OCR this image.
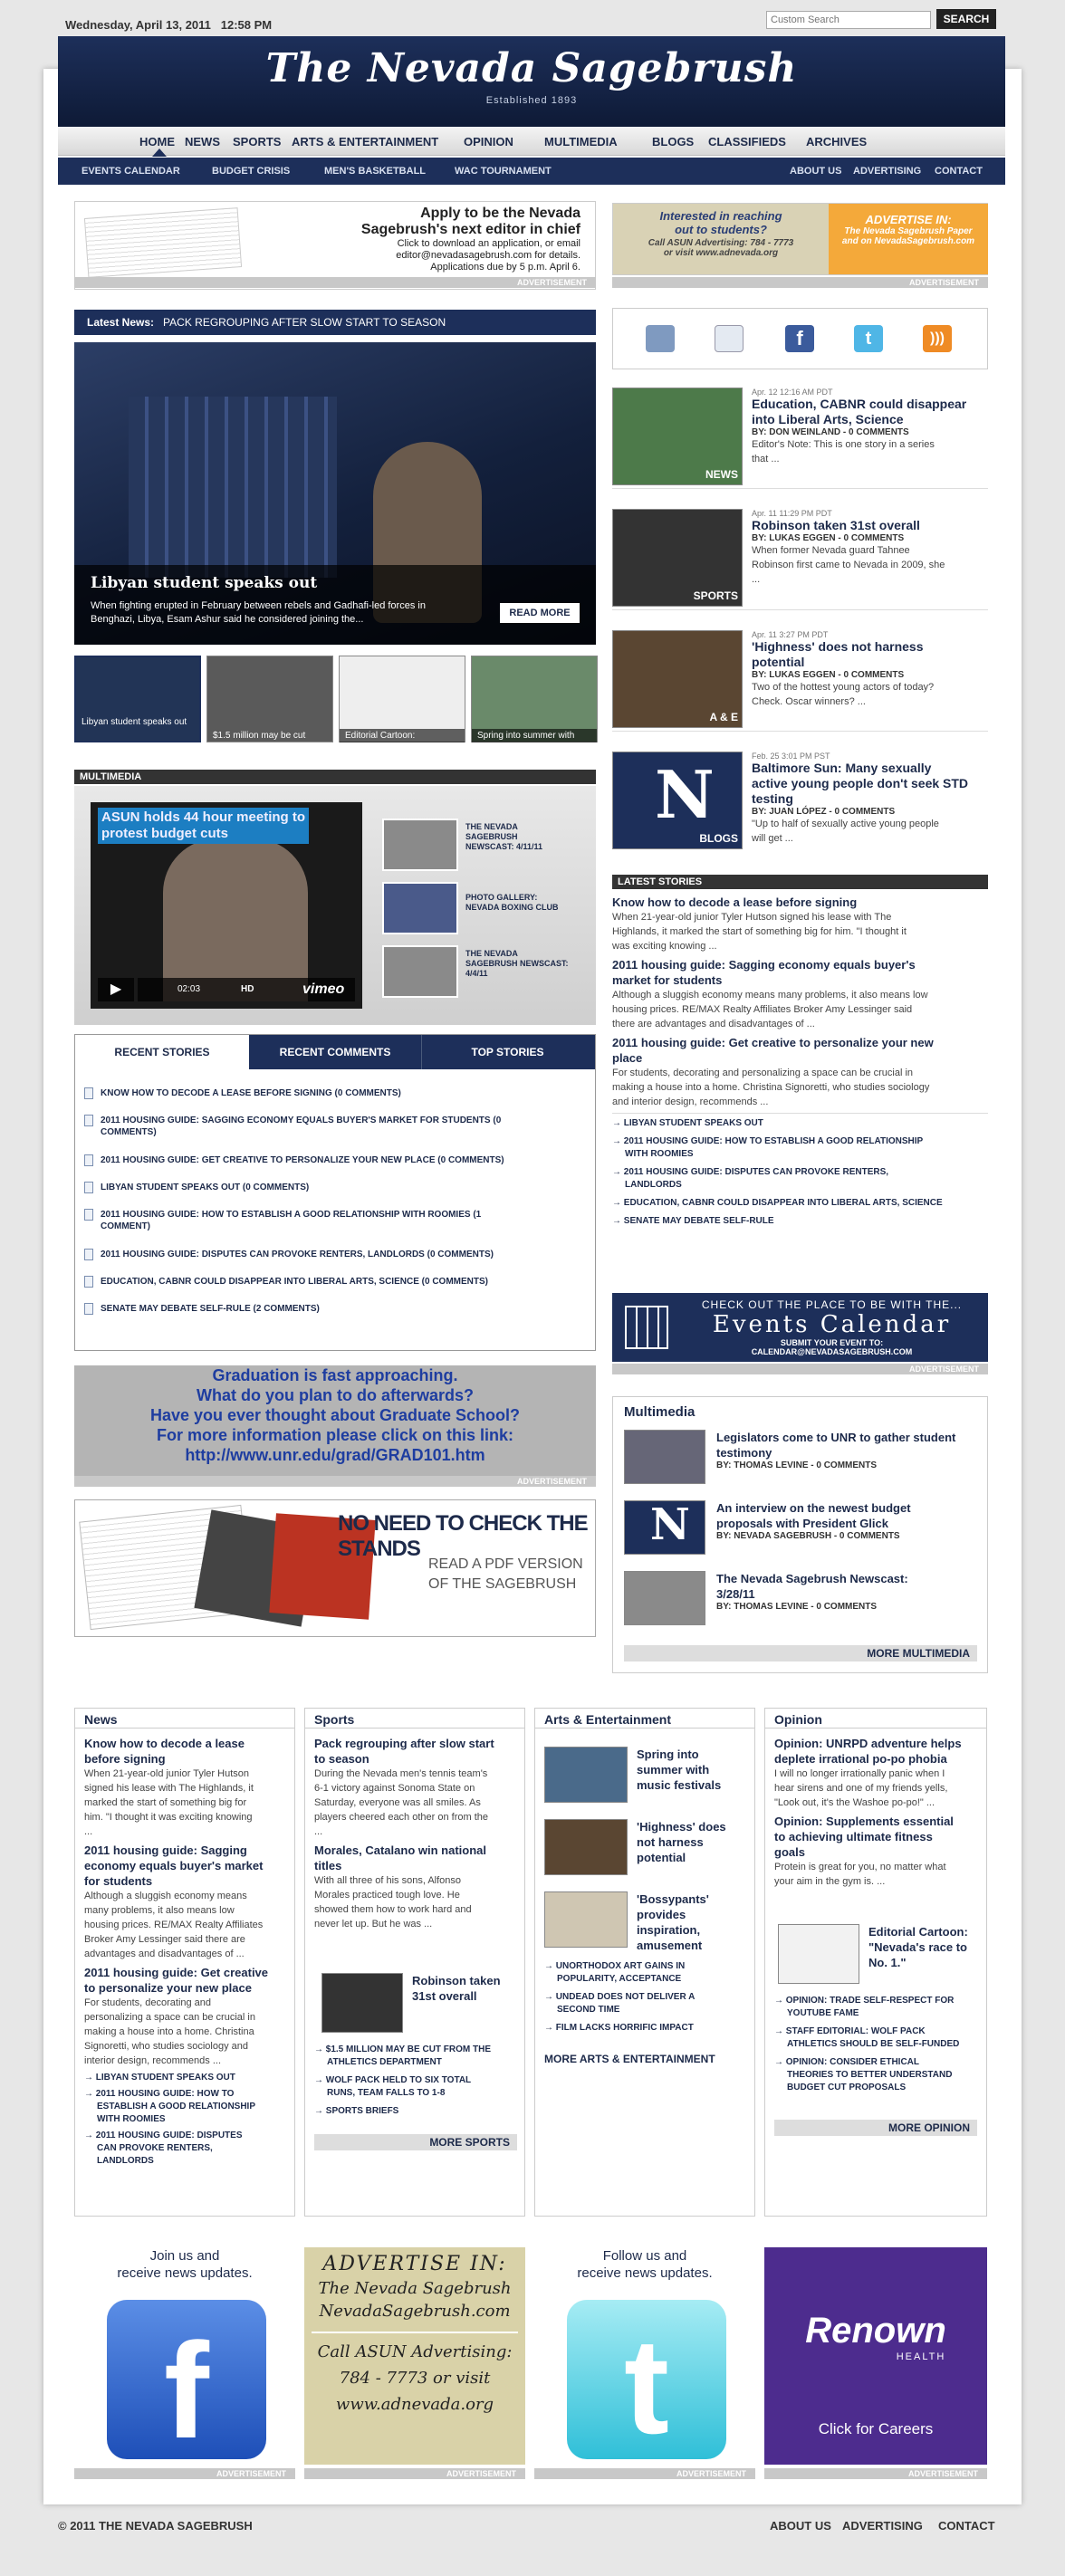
Wednesday, April 13, 2011 12:58 PM
Custom Search	SEARCH
The Nevada Sagebrush
Established 1893
HOME NEWS SPORTS ARTS & ENTERTAINMENT OPINION	MULTIMEDIA	BLOGS CLASSIFIEDS ARCHIVES
EVENTS CALENDAR	BUDGET CRISIS	MEN'S BASKETBALL	WAC TOURNAMENT	ABOUT US ADVERTISING CONTACT
Apply to be the Nevada
Sagebrush's next editor in chief
Click to download an application, or email
editor@nevadasagebrush.com for details.
Applications due by 5 p.m. April 6.
ADVERTISEMENT
Interested in reaching
out to students?
Call ASUN Advertising: 784 - 7773
or visit www.adnevada.org
ADVERTISE IN:
The Nevada Sagebrush Paper
and on NevadaSagebrush.com
ADVERTISEMENT
Latest News: PACK REGROUPING AFTER SLOW START TO SEASON
Libyan student speaks out
When fighting erupted in February between rebels and Gadhafi-led forces in
Benghazi, Libya, Esam Ashur said he considered joining the...
READ MORE
Libyan student speaks out
$1.5 million may be cut	Editorial Cartoon:	Spring into summer with
f	t	)))
NEWS
Apr. 12 12:16 AM PDT
Education, CABNR could disappear
into Liberal Arts, Science
BY: DON WEINLAND - 0 COMMENTS
Editor's Note: This is one story in a series
that ...
SPORTS
Apr. 11 11:29 PM PDT
Robinson taken 31st overall
BY: LUKAS EGGEN - 0 COMMENTS
When former Nevada guard Tahnee
Robinson first came to Nevada in 2009, she
...
A & E
Apr. 11 3:27 PM PDT
'Highness' does not harness
potential
BY: LUKAS EGGEN - 0 COMMENTS
Two of the hottest young actors of today?
Check. Oscar winners? ...
N
BLOGS
Feb. 25 3:01 PM PST
Baltimore Sun: Many sexually
active young people don't seek STD
testing
BY: JUAN LÓPEZ - 0 COMMENTS
"Up to half of sexually active young people
will get ...
MULTIMEDIA
ASUN holds 44 hour meeting to
protest budget cuts
▶	02:03	HD	vimeo
THE NEVADA
SAGEBRUSH
NEWSCAST: 4/11/11
PHOTO GALLERY:
NEVADA BOXING CLUB
THE NEVADA
SAGEBRUSH NEWSCAST:
4/4/11
RECENT STORIES	RECENT COMMENTS	TOP STORIES
KNOW HOW TO DECODE A LEASE BEFORE SIGNING (0 COMMENTS)
2011 HOUSING GUIDE: SAGGING ECONOMY EQUALS BUYER'S MARKET FOR STUDENTS (0
COMMENTS)
2011 HOUSING GUIDE: GET CREATIVE TO PERSONALIZE YOUR NEW PLACE (0 COMMENTS)
LIBYAN STUDENT SPEAKS OUT (0 COMMENTS)
2011 HOUSING GUIDE: HOW TO ESTABLISH A GOOD RELATIONSHIP WITH ROOMIES (1
COMMENT)
2011 HOUSING GUIDE: DISPUTES CAN PROVOKE RENTERS, LANDLORDS (0 COMMENTS)
EDUCATION, CABNR COULD DISAPPEAR INTO LIBERAL ARTS, SCIENCE (0 COMMENTS)
SENATE MAY DEBATE SELF-RULE (2 COMMENTS)
LATEST STORIES
Know how to decode a lease before signing
When 21-year-old junior Tyler Hutson signed his lease with The
Highlands, it marked the start of something big for him. "I thought it
was exciting knowing ...
2011 housing guide: Sagging economy equals buyer's
market for students
Although a sluggish economy means many problems, it also means low
housing prices. RE/MAX Realty Affiliates Broker Amy Lessinger said
there are advantages and disadvantages of ...
2011 housing guide: Get creative to personalize your new
place
For students, decorating and personalizing a space can be crucial in
making a house into a home. Christina Signoretti, who studies sociology
and interior design, recommends ...
→ LIBYAN STUDENT SPEAKS OUT
→ 2011 HOUSING GUIDE: HOW TO ESTABLISH A GOOD RELATIONSHIP
WITH ROOMIES
→ 2011 HOUSING GUIDE: DISPUTES CAN PROVOKE RENTERS,
LANDLORDS
→ EDUCATION, CABNR COULD DISAPPEAR INTO LIBERAL ARTS, SCIENCE
→ SENATE MAY DEBATE SELF-RULE
CHECK OUT THE PLACE TO BE WITH THE...
Events Calendar
SUBMIT YOUR EVENT TO:
CALENDAR@NEVADASAGEBRUSH.COM
ADVERTISEMENT
Graduation is fast approaching.
What do you plan to do afterwards?
Have you ever thought about Graduate School?
For more information please click on this link:
http://www.unr.edu/grad/GRAD101.htm
ADVERTISEMENT
NO NEED TO CHECK THE STANDS
READ A PDF VERSION
OF THE SAGEBRUSH
Multimedia
Legislators come to UNR to gather student
testimony
BY: THOMAS LEVINE - 0 COMMENTS
N An interview on the newest budget
proposals with President Glick
BY: NEVADA SAGEBRUSH - 0 COMMENTS
The Nevada Sagebrush Newscast:
3/28/11
BY: THOMAS LEVINE - 0 COMMENTS
MORE MULTIMEDIA
News
Know how to decode a lease
before signing
When 21-year-old junior Tyler Hutson
signed his lease with The Highlands, it
marked the start of something big for
him. "I thought it was exciting knowing
...
2011 housing guide: Sagging
economy equals buyer's market
for students
Although a sluggish economy means
many problems, it also means low
housing prices. RE/MAX Realty Affiliates
Broker Amy Lessinger said there are
advantages and disadvantages of ...
2011 housing guide: Get creative
to personalize your new place
For students, decorating and
personalizing a space can be crucial in
making a house into a home. Christina
Signoretti, who studies sociology and
interior design, recommends ...
→ LIBYAN STUDENT SPEAKS OUT
→ 2011 HOUSING GUIDE: HOW TO
ESTABLISH A GOOD RELATIONSHIP
WITH ROOMIES
→ 2011 HOUSING GUIDE: DISPUTES
CAN PROVOKE RENTERS,
LANDLORDS
Sports
Pack regrouping after slow start
to season
During the Nevada men's tennis team's
6-1 victory against Sonoma State on
Saturday, everyone was all smiles. As
players cheered each other on from the
...
Morales, Catalano win national
titles
With all three of his sons, Alfonso
Morales practiced tough love. He
showed them how to work hard and
never let up. But he was ...
Robinson taken
31st overall
→ $1.5 MILLION MAY BE CUT FROM THE
ATHLETICS DEPARTMENT
→ WOLF PACK HELD TO SIX TOTAL
RUNS, TEAM FALLS TO 1-8
→ SPORTS BRIEFS
MORE SPORTS
Arts & Entertainment
Spring into
summer with
music festivals
'Highness' does
not harness
potential
'Bossypants'
provides
inspiration,
amusement
→ UNORTHODOX ART GAINS IN
POPULARITY, ACCEPTANCE
→ UNDEAD DOES NOT DELIVER A
SECOND TIME
→ FILM LACKS HORRIFIC IMPACT
MORE ARTS & ENTERTAINMENT
Opinion
Opinion: UNRPD adventure helps
deplete irrational po-po phobia
I will no longer irrationally panic when I
hear sirens and one of my friends yells,
"Look out, it's the Washoe po-po!" ...
Opinion: Supplements essential
to achieving ultimate fitness
goals
Protein is great for you, no matter what
your aim in the gym is. ...
Editorial Cartoon:
"Nevada's race to
No. 1."
→ OPINION: TRADE SELF-RESPECT FOR
YOUTUBE FAME
→ STAFF EDITORIAL: WOLF PACK
ATHLETICS SHOULD BE SELF-FUNDED
→ OPINION: CONSIDER ETHICAL
THEORIES TO BETTER UNDERSTAND
BUDGET CUT PROPOSALS
MORE OPINION
Join us and
receive news updates.
f
ADVERTISEMENT
ADVERTISE IN:
The Nevada Sagebrush
NevadaSagebrush.com
Call ASUN Advertising:
784 - 7773 or visit
www.adnevada.org
ADVERTISEMENT
Follow us and
receive news updates.
t
ADVERTISEMENT
Renown
HEALTH
Click for Careers
ADVERTISEMENT
© 2011 THE NEVADA SAGEBRUSH	ABOUT US ADVERTISING CONTACT
